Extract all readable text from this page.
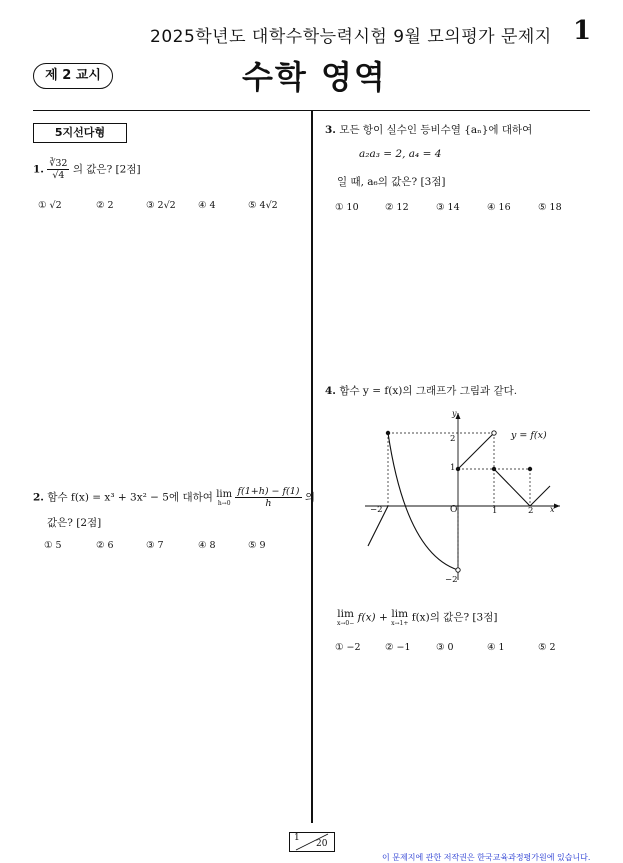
2025학년도 대학수학능력시험 9월 모의평가 문제지 1
제 2 교시	수학 영역
5지선다형
1. $\frac{∛32}{√4}$ 의 값은? [2점]
① √2	② 2	③ 2√2 ④ 4	⑤ 4√2
2. 함수 f(x) = x³ + 3x² − 5에 대하여 lim
h→0
$\frac{f(1+h) - f(1)}{h}$ 의
값은? [2점]
① 5	② 6	③ 7	④ 8	⑤ 9
3. 모든 항이 실수인 등비수열 {aₙ}에 대하여
a₂a₃ = 2, a₄ = 4
일 때, a₆의 값은? [3점]
① 10	② 12	③ 14	④ 16	⑤ 18
4. 함수 y = f(x)의 그래프가 그림과 같다.
y = f(x)
y
x
O
−2	1	2
2
1
−2
lim
x→0− f(x) + lim
x→1+ f(x)의 값은? [3점]
① −2	② −1	③ 0	④ 1	⑤ 2
1
20
이 문제지에 관한 저작권은 한국교육과정평가원에 있습니다.
